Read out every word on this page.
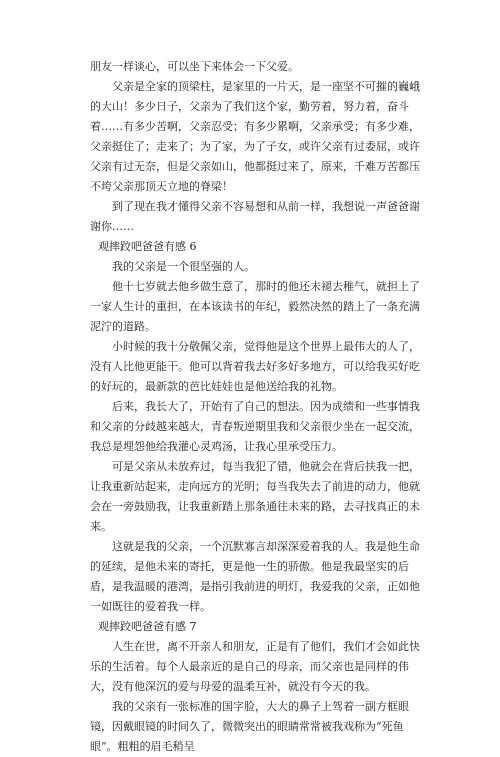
朋友一样谈心，可以坐下来体会一下父爱。

父亲是全家的顶梁柱，是家里的一片天，是一座坚不可摧的巍峨的大山！多少日子，父亲为了我们这个家，勤劳着，努力着，奋斗着……有多少苦啊，父亲忍受；有多少累啊，父亲承受；有多少难，父亲挺住了；走来了；为了家，为了子女，或许父亲有过委屈，或许父亲有过无奈，但是父亲如山，他都挺过来了，原来，千难万苦都压不垮父亲那顶天立地的脊梁！

到了现在我才懂得父亲不容易想和从前一样，我想说一声爸爸谢谢你……

观摔跤吧爸爸有感 6

我的父亲是一个很坚强的人。

他十七岁就去他乡做生意了，那时的他还未褪去稚气，就担上了一家人生计的重担，在本该读书的年纪，毅然决然的踏上了一条充满泥泞的道路。

小时候的我十分敬佩父亲，觉得他是这个世界上最伟大的人了，没有人比他更能干。他可以背着我去好多好多地方，可以给我买好吃的好玩的，最新款的芭比娃娃也是他送给我的礼物。

后来，我长大了，开始有了自己的想法。因为成绩和一些事情我和父亲的分歧越来越大，青春叛逆期里我和父亲很少坐在一起交流，我总是埋怨他给我灌心灵鸡汤，让我心里承受压力。

可是父亲从未放弃过，每当我犯了错，他就会在背后扶我一把，让我重新站起来，走向远方的光明；每当我失去了前进的动力，他就会在一旁鼓励我，让我重新踏上那条通往未来的路，去寻找真正的未来。

这就是我的父亲，一个沉默寡言却深深爱着我的人。我是他生命的延续，是他未来的寄托，更是他一生的骄傲。他是我最坚实的后盾，是我温暖的港湾，是指引我前进的明灯，我爱我的父亲，正如他一如既往的爱着我一样。

观摔跤吧爸爸有感 7

人生在世，离不开亲人和朋友，正是有了他们，我们才会如此快乐的生活着。每个人最亲近的是自己的母亲，而父亲也是同样的伟大，没有他深沉的爱与母爱的温柔互补，就没有今天的我。

我的父亲有一张标准的国字脸，大大的鼻子上驾着一副方框眼镜，因戴眼镜的时间久了，微微突出的眼睛常常被我戏称为“死鱼眼”。粗粗的眉毛稍呈
